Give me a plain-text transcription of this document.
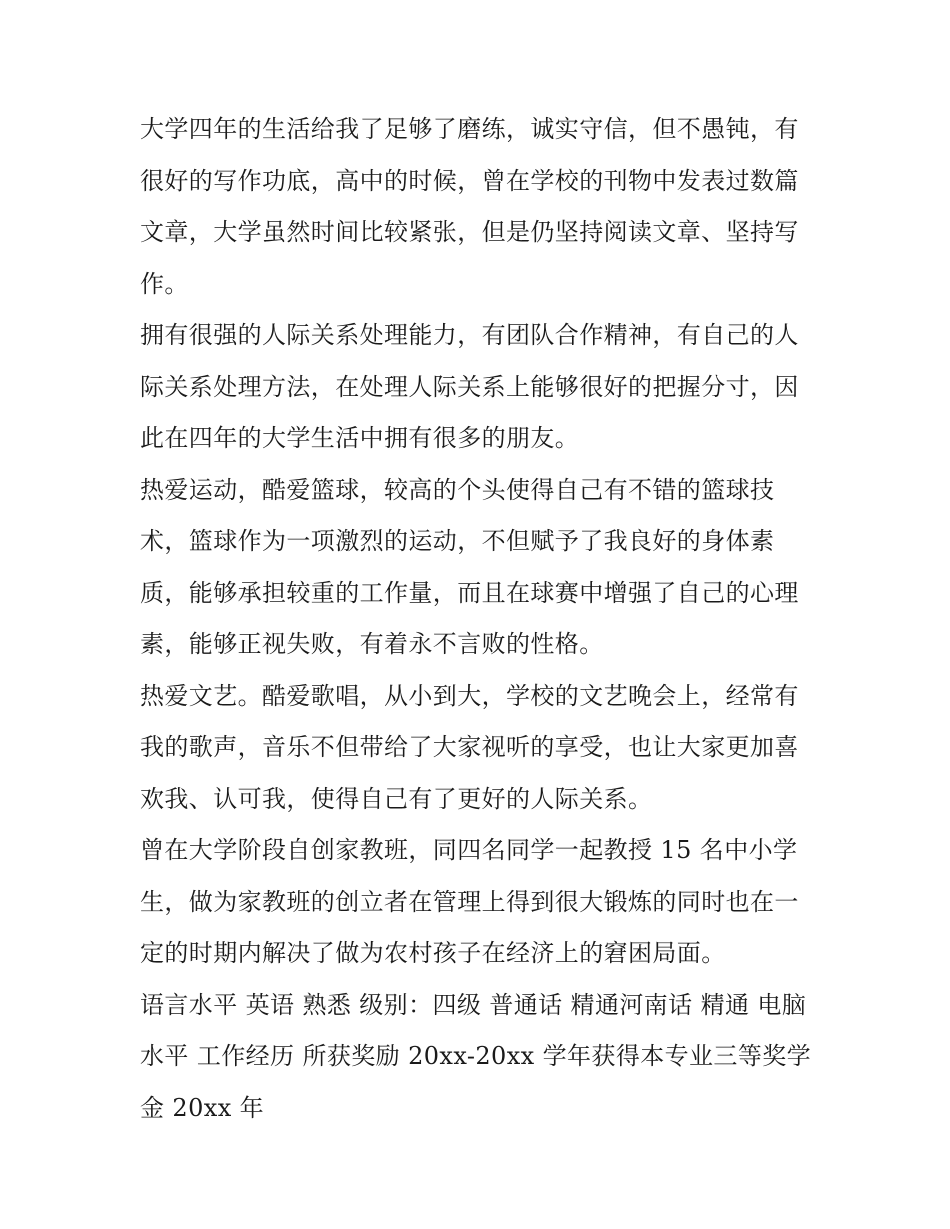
大学四年的生活给我了足够了磨练，诚实守信，但不愚钝，有
很好的写作功底，高中的时候，曾在学校的刊物中发表过数篇
文章，大学虽然时间比较紧张，但是仍坚持阅读文章、坚持写
作。
拥有很强的人际关系处理能力，有团队合作精神，有自己的人
际关系处理方法，在处理人际关系上能够很好的把握分寸，因
此在四年的大学生活中拥有很多的朋友。
热爱运动，酷爱篮球，较高的个头使得自己有不错的篮球技
术，篮球作为一项激烈的运动，不但赋予了我良好的身体素
质，能够承担较重的工作量，而且在球赛中增强了自己的心理
素，能够正视失败，有着永不言败的性格。
热爱文艺。酷爱歌唱，从小到大，学校的文艺晚会上，经常有
我的歌声，音乐不但带给了大家视听的享受，也让大家更加喜
欢我、认可我，使得自己有了更好的人际关系。
曾在大学阶段自创家教班，同四名同学一起教授 15 名中小学
生，做为家教班的创立者在管理上得到很大锻炼的同时也在一
定的时期内解决了做为农村孩子在经济上的窘困局面。
语言水平 英语 熟悉 级别：四级 普通话 精通河南话 精通 电脑
水平 工作经历 所获奖励 20xx-20xx 学年获得本专业三等奖学
金 20xx 年
